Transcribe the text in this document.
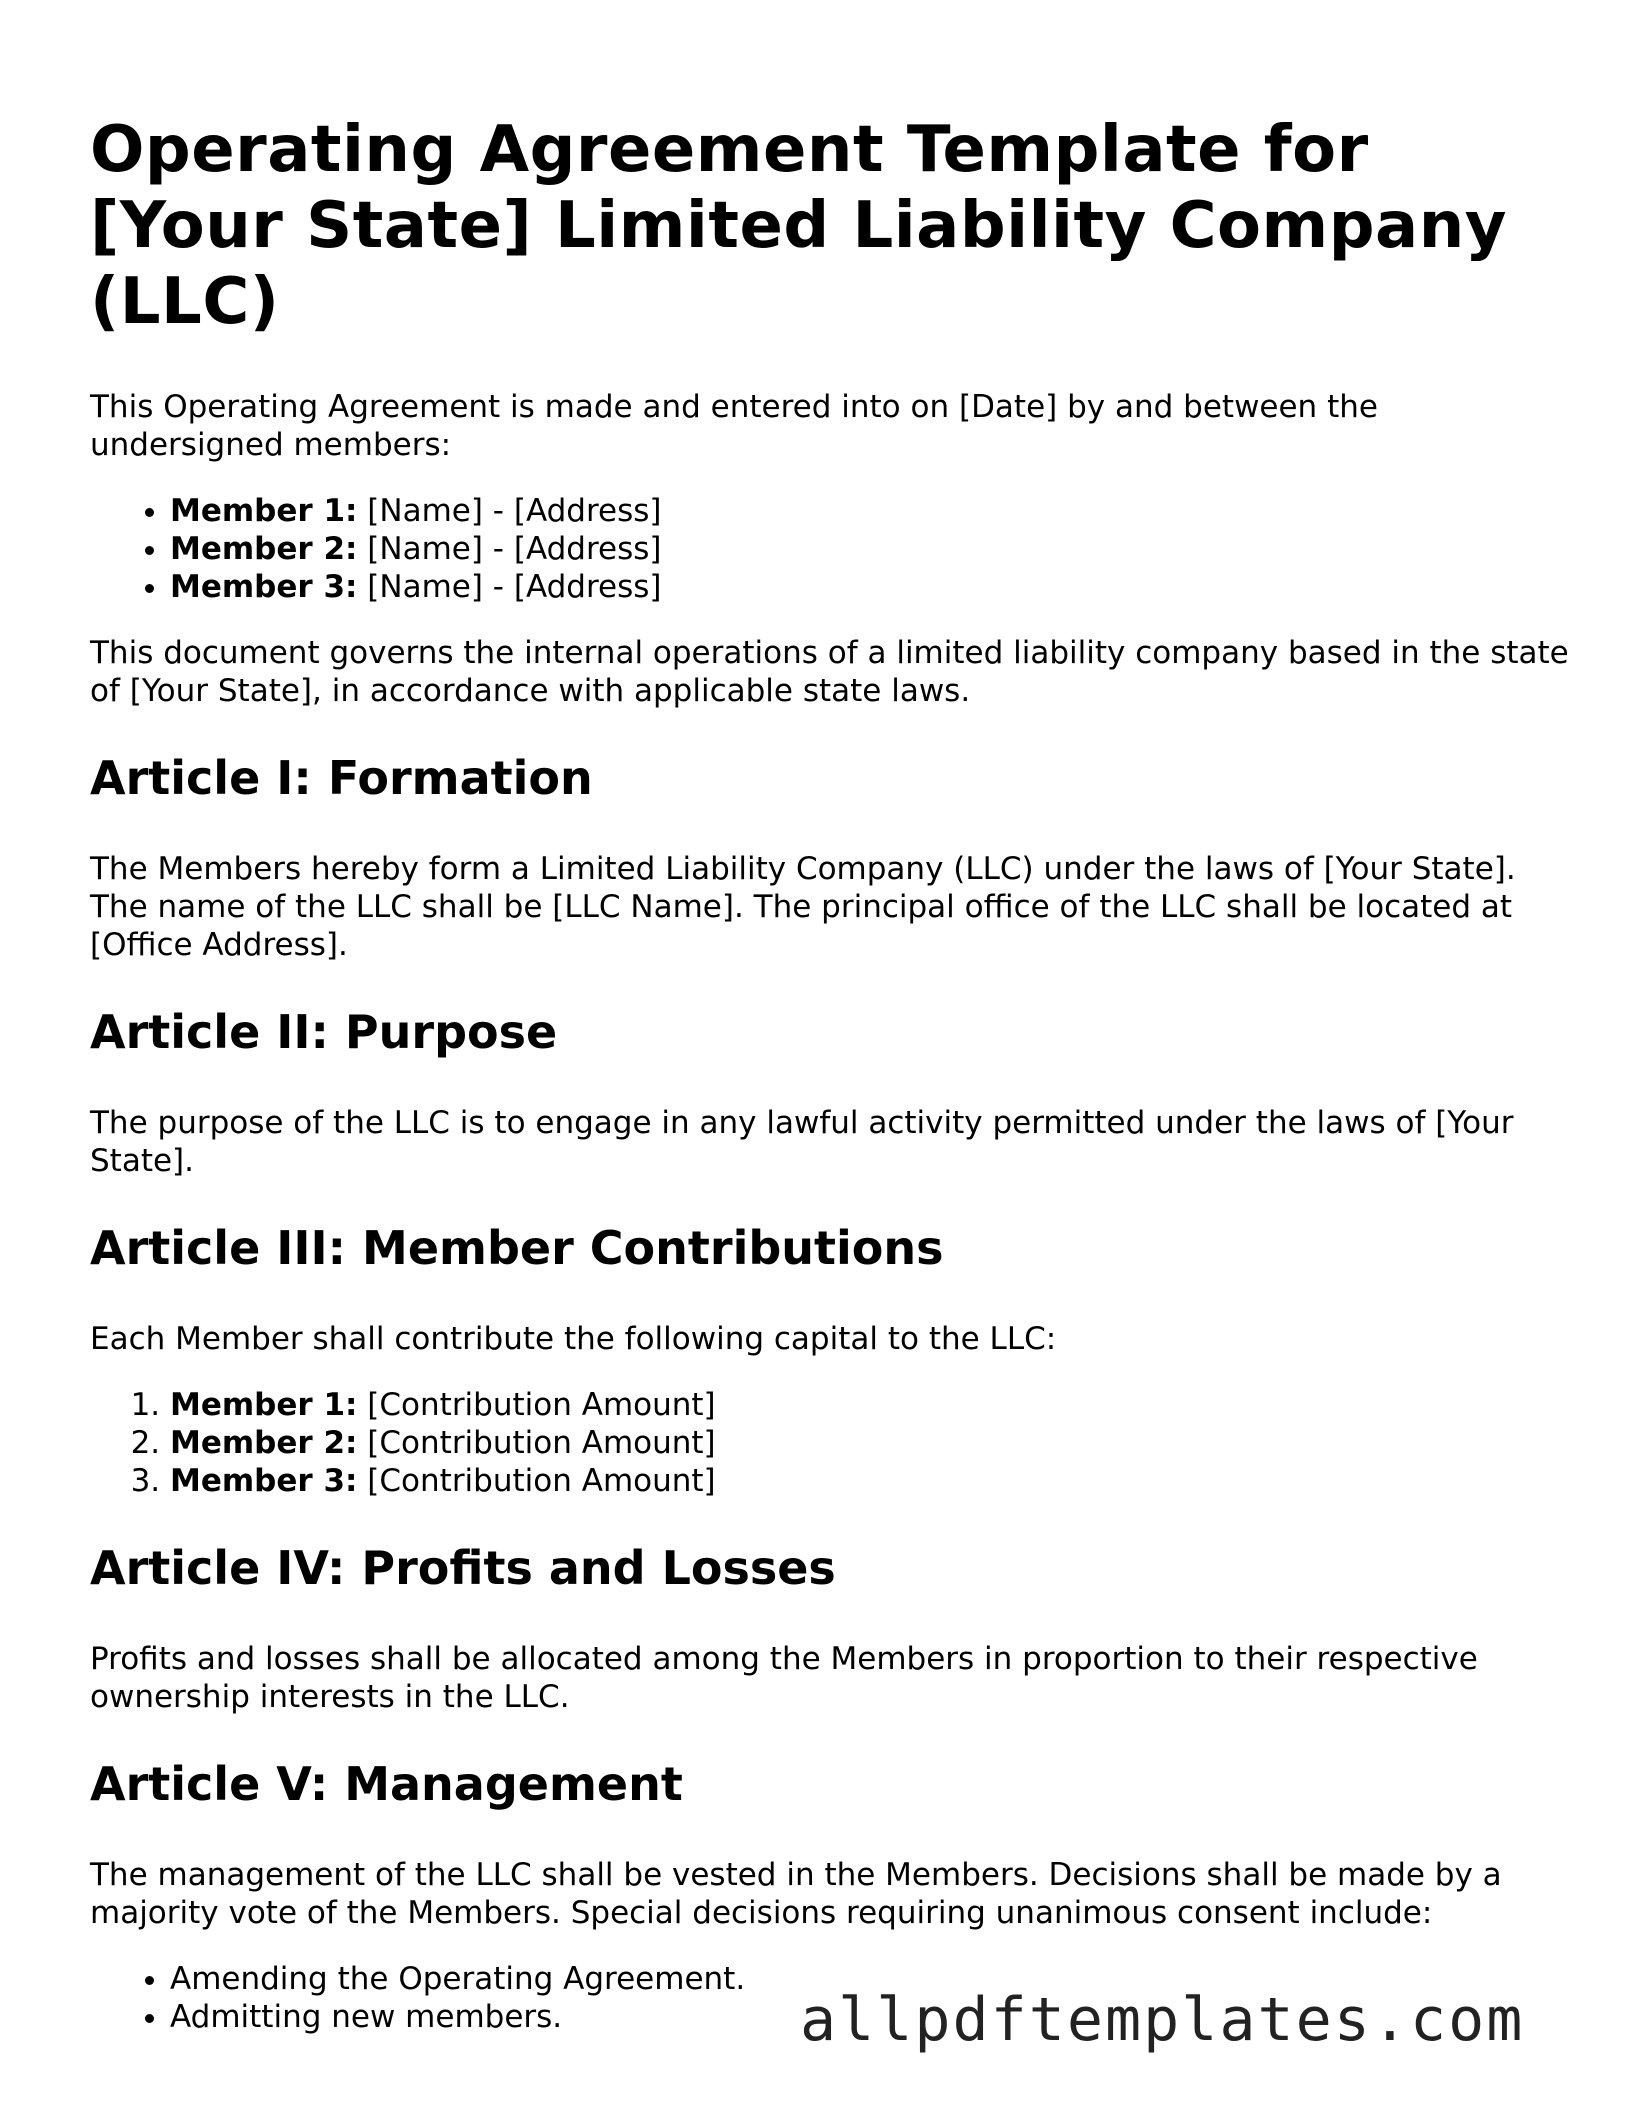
Operating Agreement Template for [Your State] Limited Liability Company (LLC)

This Operating Agreement is made and entered into on [Date] by and between the undersigned members:

• Member 1: [Name] - [Address]
• Member 2: [Name] - [Address]
• Member 3: [Name] - [Address]

This document governs the internal operations of a limited liability company based in the state of [Your State], in accordance with applicable state laws.

Article I: Formation

The Members hereby form a Limited Liability Company (LLC) under the laws of [Your State]. The name of the LLC shall be [LLC Name]. The principal office of the LLC shall be located at [Office Address].

Article II: Purpose

The purpose of the LLC is to engage in any lawful activity permitted under the laws of [Your State].

Article III: Member Contributions

Each Member shall contribute the following capital to the LLC:

1. Member 1: [Contribution Amount]
2. Member 2: [Contribution Amount]
3. Member 3: [Contribution Amount]
Article IV: Profits and Losses

Profits and losses shall be allocated among the Members in proportion to their respective ownership interests in the LLC.

Article V: Management

The management of the LLC shall be vested in the Members. Decisions shall be made by a majority vote of the Members. Special decisions requiring unanimous consent include:

• Amending the Operating Agreement.
• Admitting new members.	allpdftemplates.com
